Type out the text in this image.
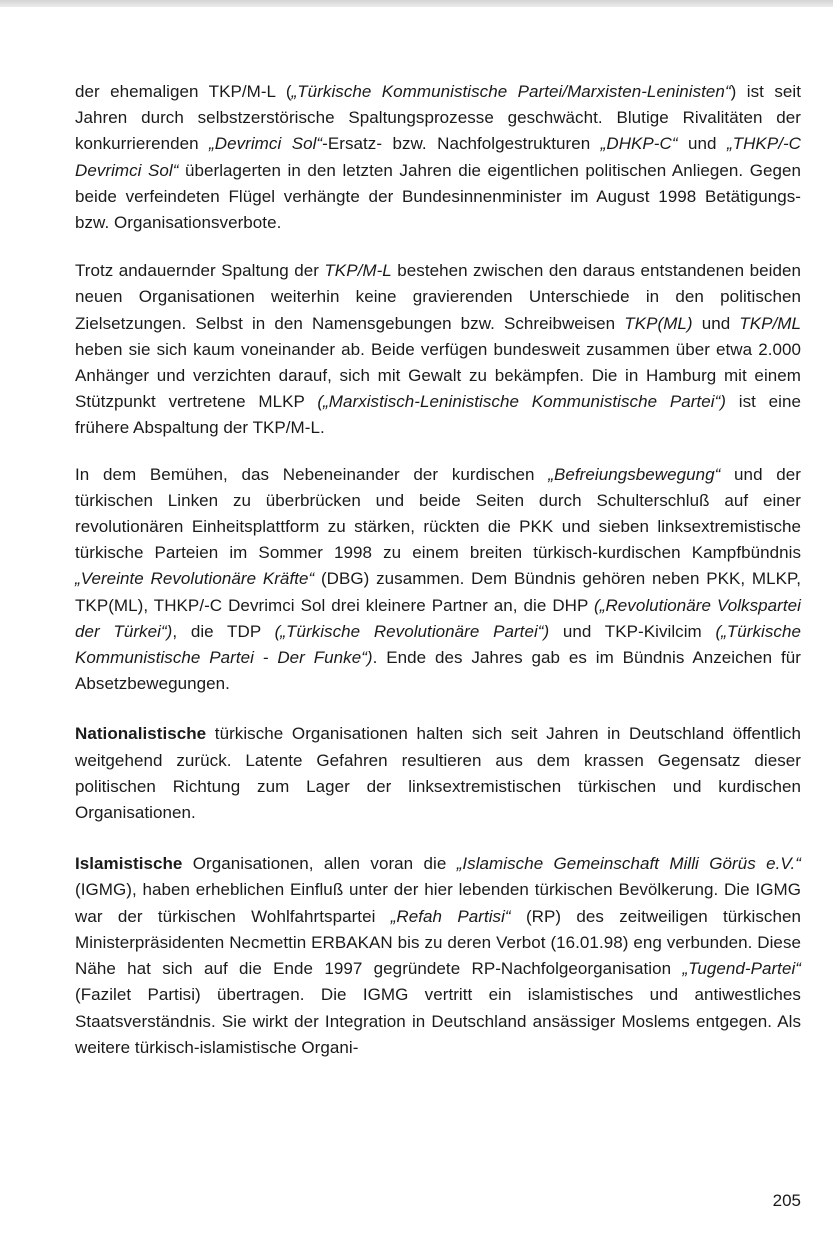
der ehemaligen TKP/M-L („Türkische Kommunistische Partei/Marxisten-Leninisten“) ist seit Jahren durch selbstzerstörische Spaltungsprozesse geschwächt. Blutige Rivalitäten der konkurrierenden „Devrimci Sol“-Ersatz- bzw. Nachfolgestrukturen „DHKP-C“ und „THKP/-C Devrimci Sol“ überlagerten in den letzten Jahren die eigentlichen politischen Anliegen. Gegen beide verfeindeten Flügel verhängte der Bundesinnenminister im August 1998 Betätigungs- bzw. Organisationsverbote.

Trotz andauernder Spaltung der TKP/M-L bestehen zwischen den daraus entstandenen beiden neuen Organisationen weiterhin keine gravierenden Unterschiede in den politischen Zielsetzungen. Selbst in den Namensgebungen bzw. Schreibweisen TKP(ML) und TKP/ML heben sie sich kaum voneinander ab. Beide verfügen bundesweit zusammen über etwa 2.000 Anhänger und verzichten darauf, sich mit Gewalt zu bekämpfen. Die in Hamburg mit einem Stützpunkt vertretene MLKP („Marxistisch-Leninistische Kommunistische Partei“) ist eine frühere Abspaltung der TKP/M-L.

In dem Bemühen, das Nebeneinander der kurdischen „Befreiungsbewegung“ und der türkischen Linken zu überbrücken und beide Seiten durch Schulterschluß auf einer revolutionären Einheitsplattform zu stärken, rückten die PKK und sieben linksextremistische türkische Parteien im Sommer 1998 zu einem breiten türkisch-kurdischen Kampfbündnis „Vereinte Revolutionäre Kräfte“ (DBG) zusammen. Dem Bündnis gehören neben PKK, MLKP, TKP(ML), THKP/-C Devrimci Sol drei kleinere Partner an, die DHP („Revolutionäre Volkspartei der Türkei“), die TDP („Türkische Revolutionäre Partei“) und TKP-Kivilcim („Türkische Kommunistische Partei - Der Funke“). Ende des Jahres gab es im Bündnis Anzeichen für Absetzbewegungen.

Nationalistische türkische Organisationen halten sich seit Jahren in Deutschland öffentlich weitgehend zurück. Latente Gefahren resultieren aus dem krassen Gegensatz dieser politischen Richtung zum Lager der linksextremistischen türkischen und kurdischen Organisationen.

Islamistische Organisationen, allen voran die „Islamische Gemeinschaft Milli Görüs e.V.“ (IGMG), haben erheblichen Einfluß unter der hier lebenden türkischen Bevölkerung. Die IGMG war der türkischen Wohlfahrtspartei „Refah Partisi“ (RP) des zeitweiligen türkischen Ministerpräsidenten Necmettin ERBAKAN bis zu deren Verbot (16.01.98) eng verbunden. Diese Nähe hat sich auf die Ende 1997 gegründete RP-Nachfolgeorganisation „Tugend-Partei“ (Fazilet Partisi) übertragen. Die IGMG vertritt ein islamistisches und antiwestliches Staatsverständnis. Sie wirkt der Integration in Deutschland ansässiger Moslems entgegen. Als weitere türkisch-islamistische Organi-

205
